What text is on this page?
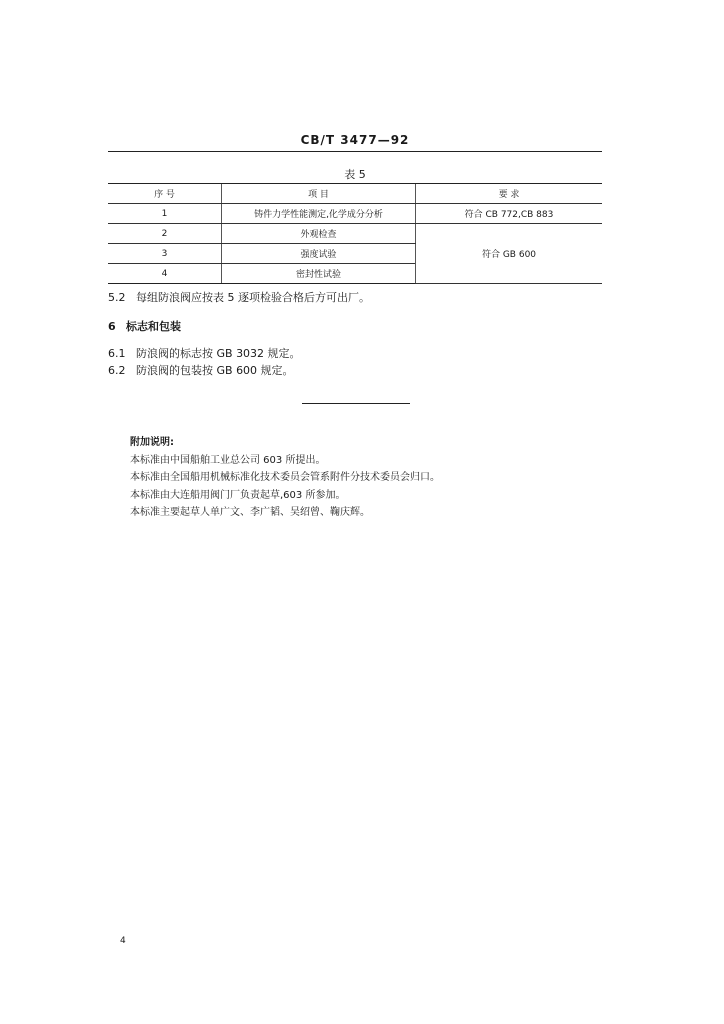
CB/T 3477—92
表 5
序 号	项 目	要 求
1	铸件力学性能测定,化学成分分析	符合 CB 772,CB 883
2	外观检查	符合 GB 600
3	强度试验	
4	密封性试验	
5.2 每组防浪阀应按表 5 逐项检验合格后方可出厂。
6 标志和包装
6.1 防浪阀的标志按 GB 3032 规定。
6.2 防浪阀的包装按 GB 600 规定。
附加说明:
本标准由中国船舶工业总公司 603 所提出。
本标准由全国船用机械标准化技术委员会管系附件分技术委员会归口。
本标准由大连船用阀门厂负责起草,603 所参加。
本标准主要起草人单广文、李广韬、吴绍曾、鞠庆辉。
4
